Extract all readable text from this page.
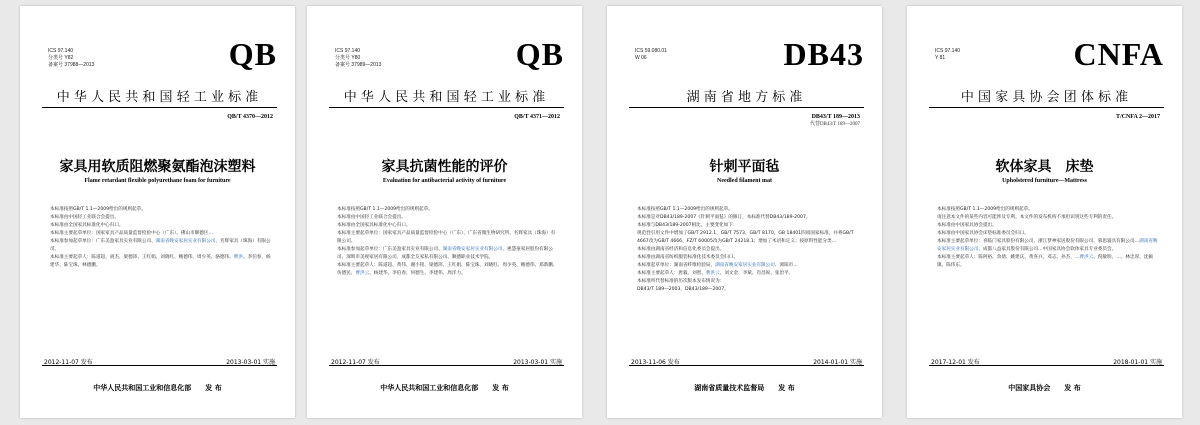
ICS 97.140
分类号 Y82
备案号 37988—2013	QB
中 华 人 民 共 和 国 轻 工 业 标 准
QB/T 4370—2012
家具用软质阻燃聚氨酯泡沫塑料
Flame retardant flexible polyurethane foam for furniture

本标准按照GB/T 1.1—2009给出的规则起草。

本标准由中国轻工业联合会提出。

本标准由全国家具标准化中心归口。

本标准主要起草单位：国家家具产品质量监督检验中心（广东）、佛山市顺德区…

本标准参加起草单位：广东美盈家具实业有限公司、湖南省晚安家居实业有限公司、名辉家具（珠海）有限公司。

本标准主要起草人：陈道超、胡杰、梁德沛、王红娟、刘晓红、鲍德伟、周少英、骆德伟、曹洪、李伯春、杨建华、陈宝珠、林德鹏。

2012-11-07 发布	2013-03-01 实施
中华人民共和国工业和信息化部 发 布
ICS 97.140
分类号 Y80
备案号 37989—2013	QB
中 华 人 民 共 和 国 轻 工 业 标 准
QB/T 4371—2012
家具抗菌性能的评价
Evaluation for antibacterial activity of furniture

本标准按照GB/T 1.1—2009给出的规则起草。

本标准由中国轻工业联合会提出。

本标准由全国家具标准化中心归口。

本标准主要起草单位：国家家具产品质量监督检验中心（广东）、广东省微生物研究所、名辉家具（珠海）有限公司。

本标准参加起草单位：广东美盈家具实业有限公司、湖南省晚安家居实业有限公司、惠慧豪家居股份有限公司、深圳市美视家居有限公司、成都全友家私有限公司、顺德职业技术学院。

本标准主要起草人：陈道超、黄伟、谢小铭、梁德沛、王红娟、陈宝珠、刘晓红、周少英、鲍德伟、郑新鹏、仿德民、曹洪云、杨建华、李伯春、何德生、李建伟、周洋力。

2012-11-07 发布	2013-03-01 实施
中华人民共和国工业和信息化部 发 布
ICS 59.080.01
W 06	DB43
湖 南 省 地 方 标 准
DB43/T 189—2013
代替DB43/T 189—2007
针刺平面毡
Needled filament mat

本标准按照GB/T 1.1—2009给出的规则起草。

本标准是对DB43/189-2007《针刺平面毡》的修订，本标准代替DB43/189-2007。

本标准与DB43/189-2007相比，主要变化如下：

规范性引用文件中增加了GB/T 2912.1、GB/T 7573、GB/T 8170、GB 18401四项国家标准，并将GB/T 4667改为GB/T 4666、FZ/T 60005改为GB/T 24218.1；增加了术语和定义；按原料性能分类…

本标准由湖南省经济和信息化委员会提出。

本标准由湖南省纺织服装标准化技术委员会归口。

本标准起草单位：湖南省纤维检验局、湖南省晚安家居实业有限公司、浏阳市…

本标准主要起草人：唐毅、刘智、曹洪云、刘文金、李斌、肖昌锐、张治平。

本标准所代替标准的历次版本发布情况为：

DB43/T 189—2003、DB43/189—2007。

2013-11-06 发布	2014-01-01 实施
湖南省质量技术监督局 发 布
ICS 97.140
Y 81	CNFA
中 国 家 具 协 会 团 体 标 准
T/CNFA 2—2017
软体家具　床垫
Upholstered furniture—Mattress

本标准按照GB/T 1.1—2009给出的规则起草。

请注意本文件的某些内容可能涉及专利。本文件的发布机构不承担识别这些专利的责任。

本标准由中国家具协会提出。

本标准由中国家具协会床垫标准委员会归口。

本标准主要起草单位：喜临门家具股份有限公司、浙江梦神家居股份有限公司、慕思寝具有限公司…湖南省晚安家居实业有限公司、成都八益家具股份有限公司…中国家具协会软体家具专业委员会。

本标准主要起草人：陈阿裕、余倩、姚建庆、黄喜兵、邓志、孙杰、…曹洪云、倪敏明、…、林忠厚、沈颖镇、陈伟东。

2017-12-01 发布	2018-01-01 实施
中国家具协会 发 布
